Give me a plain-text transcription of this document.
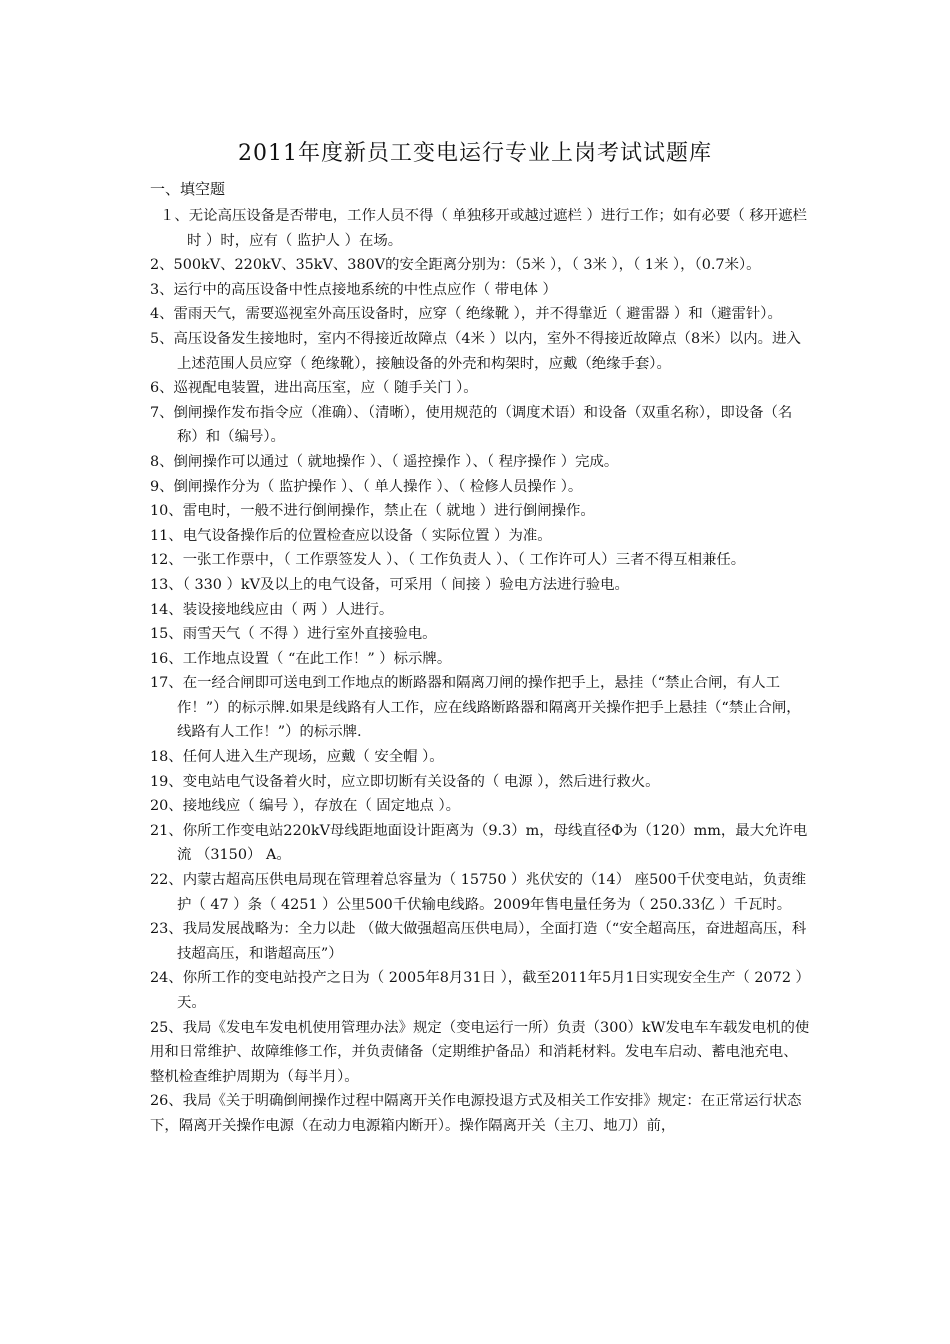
2011年度新员工变电运行专业上岗考试试题库
一、填空题

１、无论高压设备是否带电，工作人员不得（ 单独移开或越过遮栏 ）进行工作；如有必要（ 移开遮栏时 ）时，应有（ 监护人 ）在场。

2、500kV、220kV、35kV、380V的安全距离分别为：（5米 ），（ 3米 ），（ 1米 ），（0.7米）。

3、运行中的高压设备中性点接地系统的中性点应作（ 带电体 ）

4、雷雨天气，需要巡视室外高压设备时，应穿（ 绝缘靴 ），并不得靠近（ 避雷器 ）和（避雷针）。

5、高压设备发生接地时，室内不得接近故障点（4米 ）以内，室外不得接近故障点（8米）以内。进入上述范围人员应穿（ 绝缘靴），接触设备的外壳和构架时，应戴（绝缘手套）。

6、巡视配电装置，进出高压室，应（ 随手关门 ）。

7、倒闸操作发布指令应（准确）、（清晰），使用规范的（调度术语）和设备（双重名称），即设备（名称）和（编号）。

8、倒闸操作可以通过（ 就地操作 ）、（ 遥控操作 ）、（ 程序操作 ）完成。

9、倒闸操作分为（ 监护操作 ）、（ 单人操作 ）、（ 检修人员操作 ）。

10、雷电时，一般不进行倒闸操作，禁止在（ 就地 ）进行倒闸操作。

11、电气设备操作后的位置检查应以设备（ 实际位置 ）为准。

12、一张工作票中，（ 工作票签发人 ）、（ 工作负责人 ）、（ 工作许可人）三者不得互相兼任。

13、（ 330 ）kV及以上的电气设备，可采用（ 间接 ）验电方法进行验电。

14、装设接地线应由（ 两 ）人进行。

15、雨雪天气（ 不得 ）进行室外直接验电。

16、工作地点设置（ “在此工作！” ）标示牌。

17、在一经合闸即可送电到工作地点的断路器和隔离刀闸的操作把手上，悬挂（“禁止合闸，有人工作！”）的标示牌.如果是线路有人工作，应在线路断路器和隔离开关操作把手上悬挂（“禁止合闸，线路有人工作！”）的标示牌.

18、任何人进入生产现场，应戴（ 安全帽 ）。

19、变电站电气设备着火时，应立即切断有关设备的（ 电源 ），然后进行救火。

20、接地线应（ 编号 ），存放在（ 固定地点 ）。

21、你所工作变电站220kV母线距地面设计距离为（9.3）m，母线直径Φ为（120）mm，最大允许电流 （3150） A。

22、内蒙古超高压供电局现在管理着总容量为（ 15750 ）兆伏安的（14） 座500千伏变电站，负责维护（ 47 ）条（ 4251 ）公里500千伏输电线路。2009年售电量任务为（ 250.33亿 ）千瓦时。

23、我局发展战略为：全力以赴 （做大做强超高压供电局），全面打造（“安全超高压，奋进超高压，科技超高压，和谐超高压”）

24、你所工作的变电站投产之日为（ 2005年8月31日 ），截至2011年5月1日实现安全生产（ 2072 ）天。

25、我局《发电车发电机使用管理办法》规定（变电运行一所）负责（300）kW发电车车载发电机的使用和日常维护、故障维修工作，并负责储备（定期维护备品）和消耗材料。发电车启动、蓄电池充电、整机检查维护周期为（每半月）。

26、我局《关于明确倒闸操作过程中隔离开关作电源投退方式及相关工作安排》规定：在正常运行状态下，隔离开关操作电源（在动力电源箱内断开）。操作隔离开关（主刀、地刀）前，
